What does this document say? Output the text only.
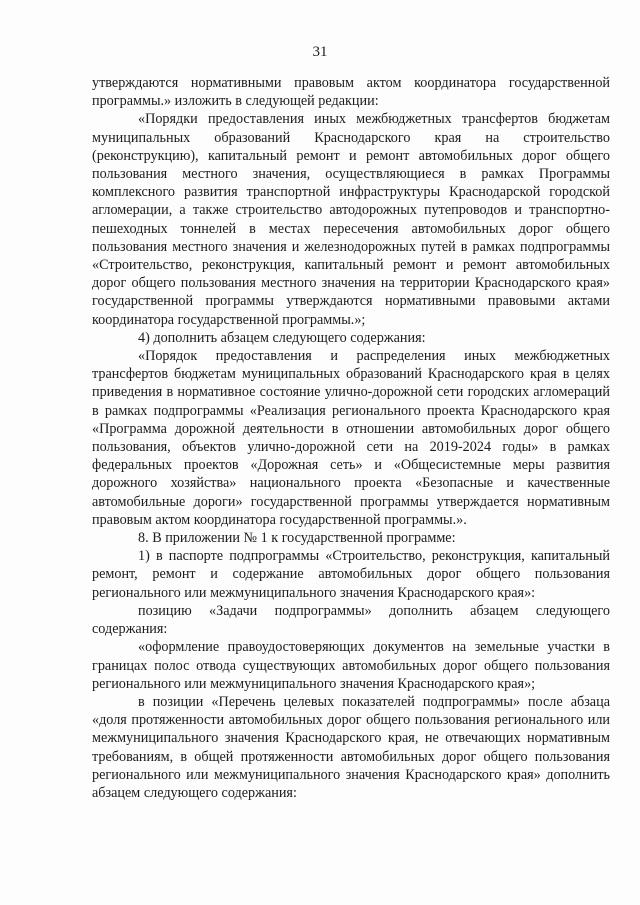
31

утверждаются нормативными правовым актом координатора государственной программы.» изложить в следующей редакции:

«Порядки предоставления иных межбюджетных трансфертов бюджетам муниципальных образований Краснодарского края на строительство (реконструкцию), капитальный ремонт и ремонт автомобильных дорог общего пользования местного значения, осуществляющиеся в рамках Программы комплексного развития транспортной инфраструктуры Краснодарской городской агломерации, а также строительство автодорожных путепроводов и транспортно-пешеходных тоннелей в местах пересечения автомобильных дорог общего пользования местного значения и железнодорожных путей в рамках подпрограммы «Строительство, реконструкция, капитальный ремонт и ремонт автомобильных дорог общего пользования местного значения на территории Краснодарского края» государственной программы утверждаются нормативными правовыми актами координатора государственной программы.»;

4) дополнить абзацем следующего содержания:

«Порядок предоставления и распределения иных межбюджетных трансфертов бюджетам муниципальных образований Краснодарского края в целях приведения в нормативное состояние улично-дорожной сети городских агломераций в рамках подпрограммы «Реализация регионального проекта Краснодарского края «Программа дорожной деятельности в отношении автомобильных дорог общего пользования, объектов улично-дорожной сети на 2019-2024 годы» в рамках федеральных проектов «Дорожная сеть» и «Общесистемные меры развития дорожного хозяйства» национального проекта «Безопасные и качественные автомобильные дороги» государственной программы утверждается нормативным правовым актом координатора государственной программы.».

8. В приложении № 1 к государственной программе:

1) в паспорте подпрограммы «Строительство, реконструкция, капитальный ремонт, ремонт и содержание автомобильных дорог общего пользования регионального или межмуниципального значения Краснодарского края»:

позицию «Задачи подпрограммы» дополнить абзацем следующего содержания:

«оформление правоудостоверяющих документов на земельные участки в границах полос отвода существующих автомобильных дорог общего пользования регионального или межмуниципального значения Краснодарского края»;

в позиции «Перечень целевых показателей подпрограммы» после абзаца «доля протяженности автомобильных дорог общего пользования регионального или межмуниципального значения Краснодарского края, не отвечающих нормативным требованиям, в общей протяженности автомобильных дорог общего пользования регионального или межмуниципального значения Краснодарского края» дополнить абзацем следующего содержания:
